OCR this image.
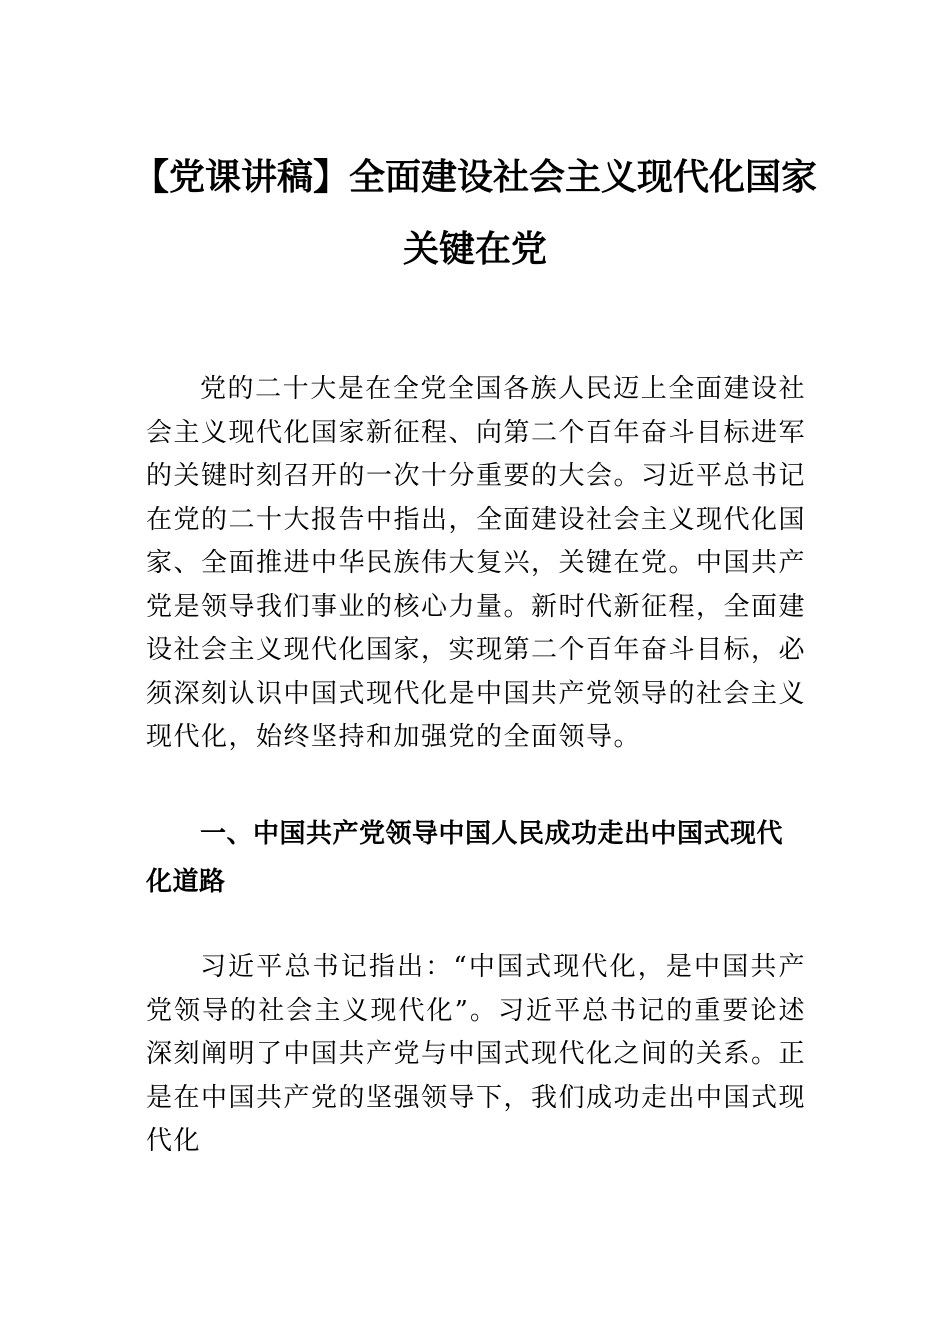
【党课讲稿】全面建设社会主义现代化国家
关键在党

党的二十大是在全党全国各族人民迈上全面建设社会主义现代化国家新征程、向第二个百年奋斗目标进军的关键时刻召开的一次十分重要的大会。习近平总书记在党的二十大报告中指出，全面建设社会主义现代化国家、全面推进中华民族伟大复兴，关键在党。中国共产党是领导我们事业的核心力量。新时代新征程，全面建设社会主义现代化国家，实现第二个百年奋斗目标，必须深刻认识中国式现代化是中国共产党领导的社会主义现代化，始终坚持和加强党的全面领导。

一、中国共产党领导中国人民成功走出中国式现代化道路

习近平总书记指出：“中国式现代化，是中国共产党领导的社会主义现代化”。习近平总书记的重要论述深刻阐明了中国共产党与中国式现代化之间的关系。正是在中国共产党的坚强领导下，我们成功走出中国式现代化
